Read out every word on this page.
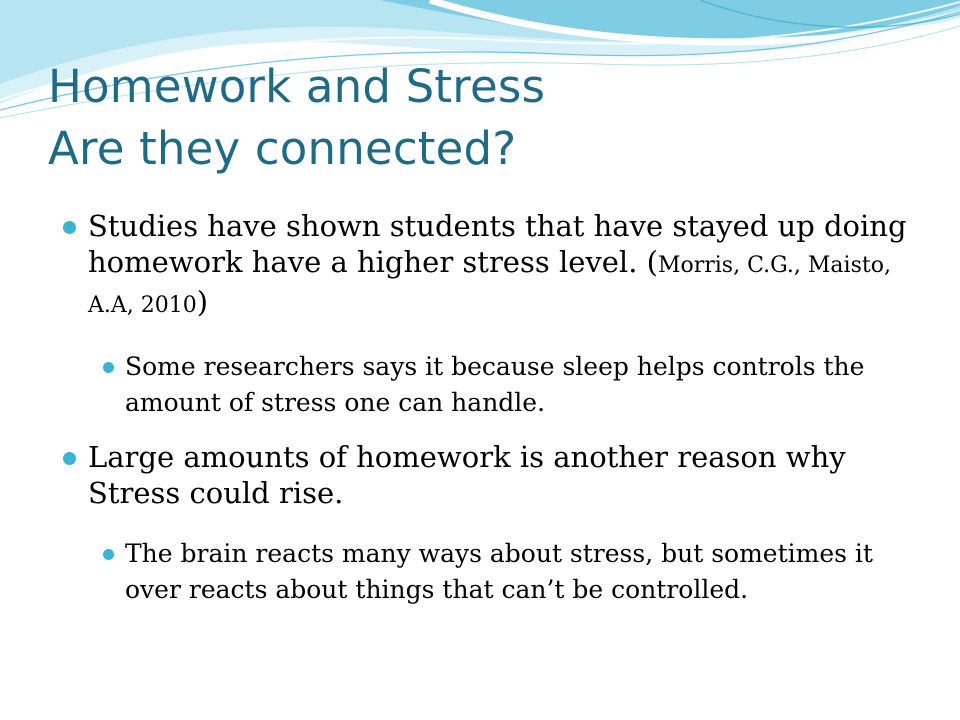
Homework and Stress
Are they connected?

Studies have shown students that have stayed up doing homework have a higher stress level. (Morris, C.G., Maisto, A.A, 2010)

Some researchers says it because sleep helps controls the amount of stress one can handle.

Large amounts of homework is another reason why Stress could rise.

The brain reacts many ways about stress, but sometimes it over reacts about things that can’t be controlled.
